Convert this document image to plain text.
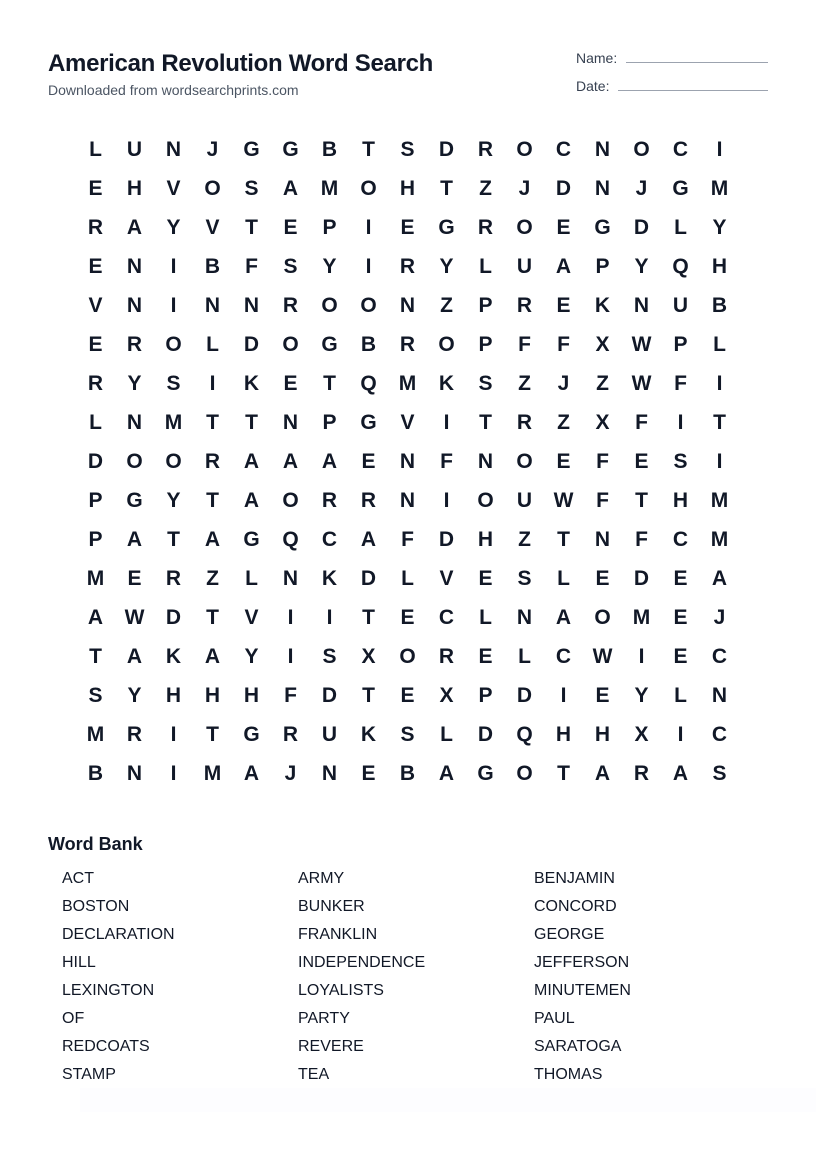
American Revolution Word Search
Downloaded from wordsearchprints.com
Name:
Date:
L	U	N	J	G	G	B	T	S	D	R	O	C	N	O	C	I
E	H	V	O	S	A	M	O	H	T	Z	J	D	N	J	G	M
R	A	Y	V	T	E	P	I	E	G	R	O	E	G	D	L	Y
E	N	I	B	F	S	Y	I	R	Y	L	U	A	P	Y	Q	H
V	N	I	N	N	R	O	O	N	Z	P	R	E	K	N	U	B
E	R	O	L	D	O	G	B	R	O	P	F	F	X	W	P	L
R	Y	S	I	K	E	T	Q	M	K	S	Z	J	Z	W	F	I
L	N	M	T	T	N	P	G	V	I	T	R	Z	X	F	I	T
D	O	O	R	A	A	A	E	N	F	N	O	E	F	E	S	I
P	G	Y	T	A	O	R	R	N	I	O	U	W	F	T	H	M
P	A	T	A	G	Q	C	A	F	D	H	Z	T	N	F	C	M
M	E	R	Z	L	N	K	D	L	V	E	S	L	E	D	E	A
A	W	D	T	V	I	I	T	E	C	L	N	A	O	M	E	J
T	A	K	A	Y	I	S	X	O	R	E	L	C	W	I	E	C
S	Y	H	H	H	F	D	T	E	X	P	D	I	E	Y	L	N
M	R	I	T	G	R	U	K	S	L	D	Q	H	H	X	I	C
B	N	I	M	A	J	N	E	B	A	G	O	T	A	R	A	S
Word Bank
ACT	ARMY	BENJAMIN
BOSTON	BUNKER	CONCORD
DECLARATION	FRANKLIN	GEORGE
HILL	INDEPENDENCE	JEFFERSON
LEXINGTON	LOYALISTS	MINUTEMEN
OF	PARTY	PAUL
REDCOATS	REVERE	SARATOGA
STAMP	TEA	THOMAS
